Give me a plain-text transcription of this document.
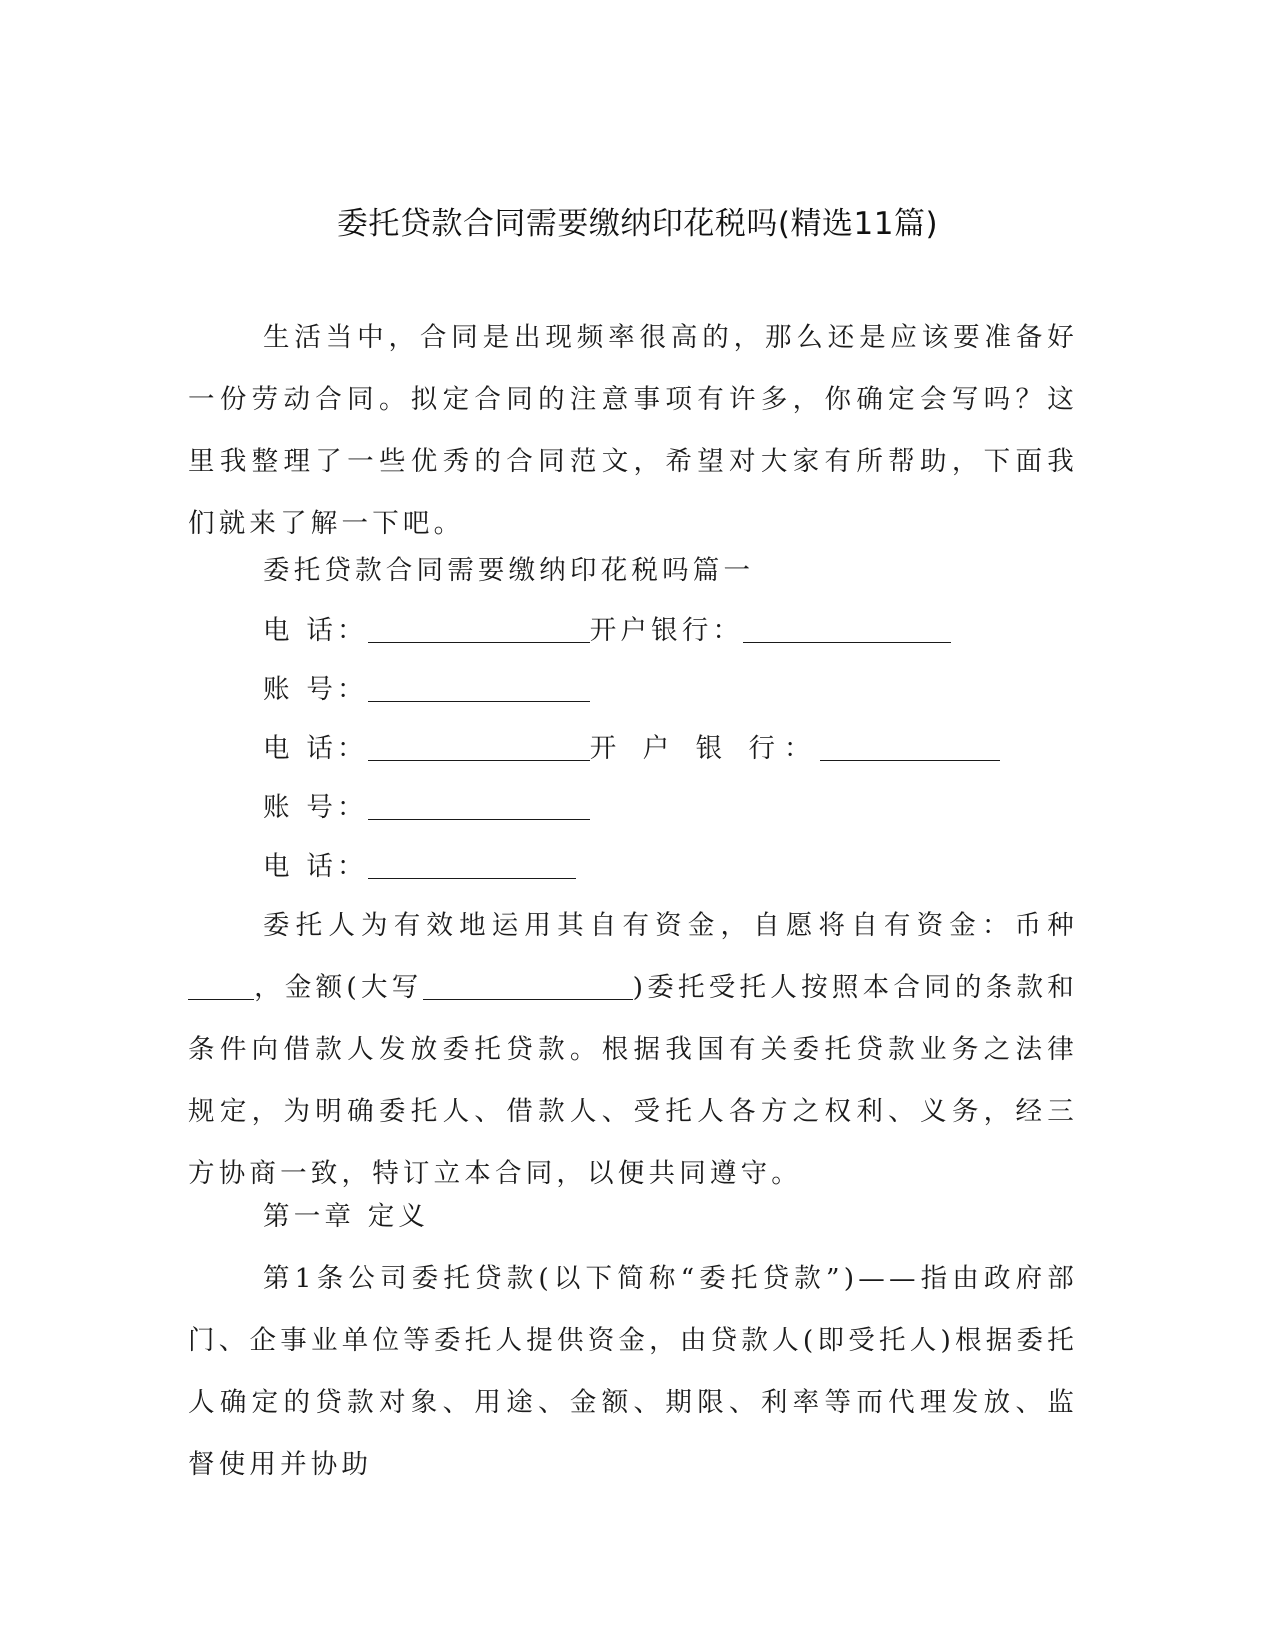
委托贷款合同需要缴纳印花税吗(精选11篇)

生活当中，合同是出现频率很高的，那么还是应该要准备好一份劳动合同。拟定合同的注意事项有许多，你确定会写吗？这里我整理了一些优秀的合同范文，希望对大家有所帮助，下面我们就来了解一下吧。

委托贷款合同需要缴纳印花税吗篇一
电 话：	开户银行：
账 号：
电 话：	开 户 银 行：
账 号：
电 话：

委托人为有效地运用其自有资金，自愿将自有资金：币种，金额(大写	)委托受托人按照本合同的条款和条件向借款人发放委托贷款。根据我国有关委托贷款业务之法律规定，为明确委托人、借款人、受托人各方之权利、义务，经三方协商一致，特订立本合同，以便共同遵守。

第一章 定义

第1条公司委托贷款(以下简称“委托贷款”)——指由政府部门、企事业单位等委托人提供资金，由贷款人(即受托人)根据委托人确定的贷款对象、用途、金额、期限、利率等而代理发放、监督使用并协助
